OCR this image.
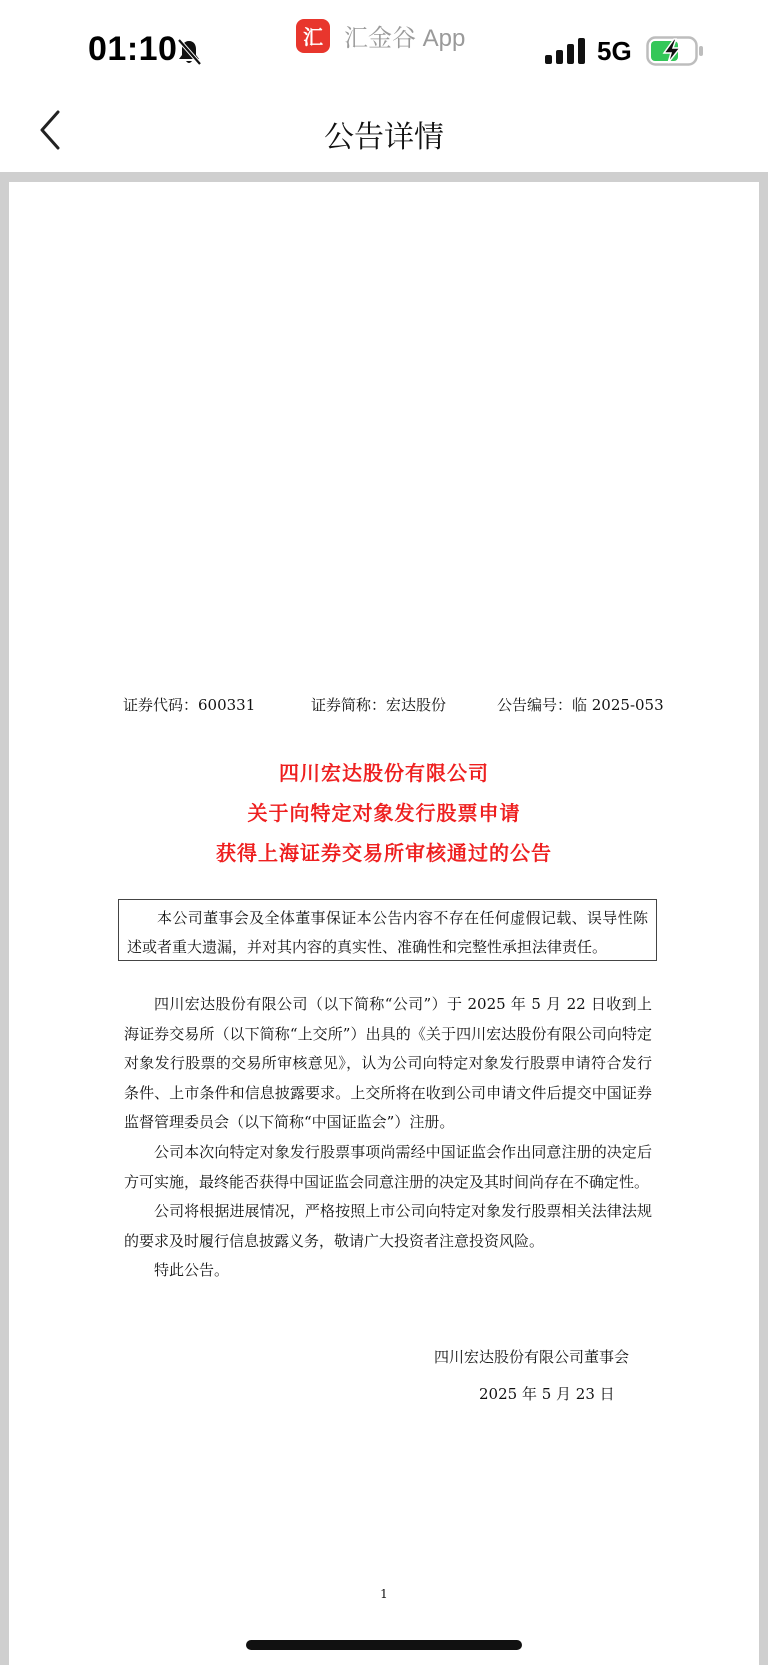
01:10	汇 汇金谷 App	5G
公告详情
证券代码：600331	证券简称：宏达股份	公告编号：临 2025-053
四川宏达股份有限公司
关于向特定对象发行股票申请
获得上海证券交易所审核通过的公告
本公司董事会及全体董事保证本公告内容不存在任何虚假记载、误导性陈述或者重大遗漏，并对其内容的真实性、准确性和完整性承担法律责任。

四川宏达股份有限公司（以下简称“公司”）于 2025 年 5 月 22 日收到上海证券交易所（以下简称“上交所”）出具的《关于四川宏达股份有限公司向特定对象发行股票的交易所审核意见》，认为公司向特定对象发行股票申请符合发行条件、上市条件和信息披露要求。上交所将在收到公司申请文件后提交中国证券监督管理委员会（以下简称“中国证监会”）注册。

公司本次向特定对象发行股票事项尚需经中国证监会作出同意注册的决定后方可实施，最终能否获得中国证监会同意注册的决定及其时间尚存在不确定性。

公司将根据进展情况，严格按照上市公司向特定对象发行股票相关法律法规的要求及时履行信息披露义务，敬请广大投资者注意投资风险。

特此公告。

四川宏达股份有限公司董事会
2025 年 5 月 23 日
1
